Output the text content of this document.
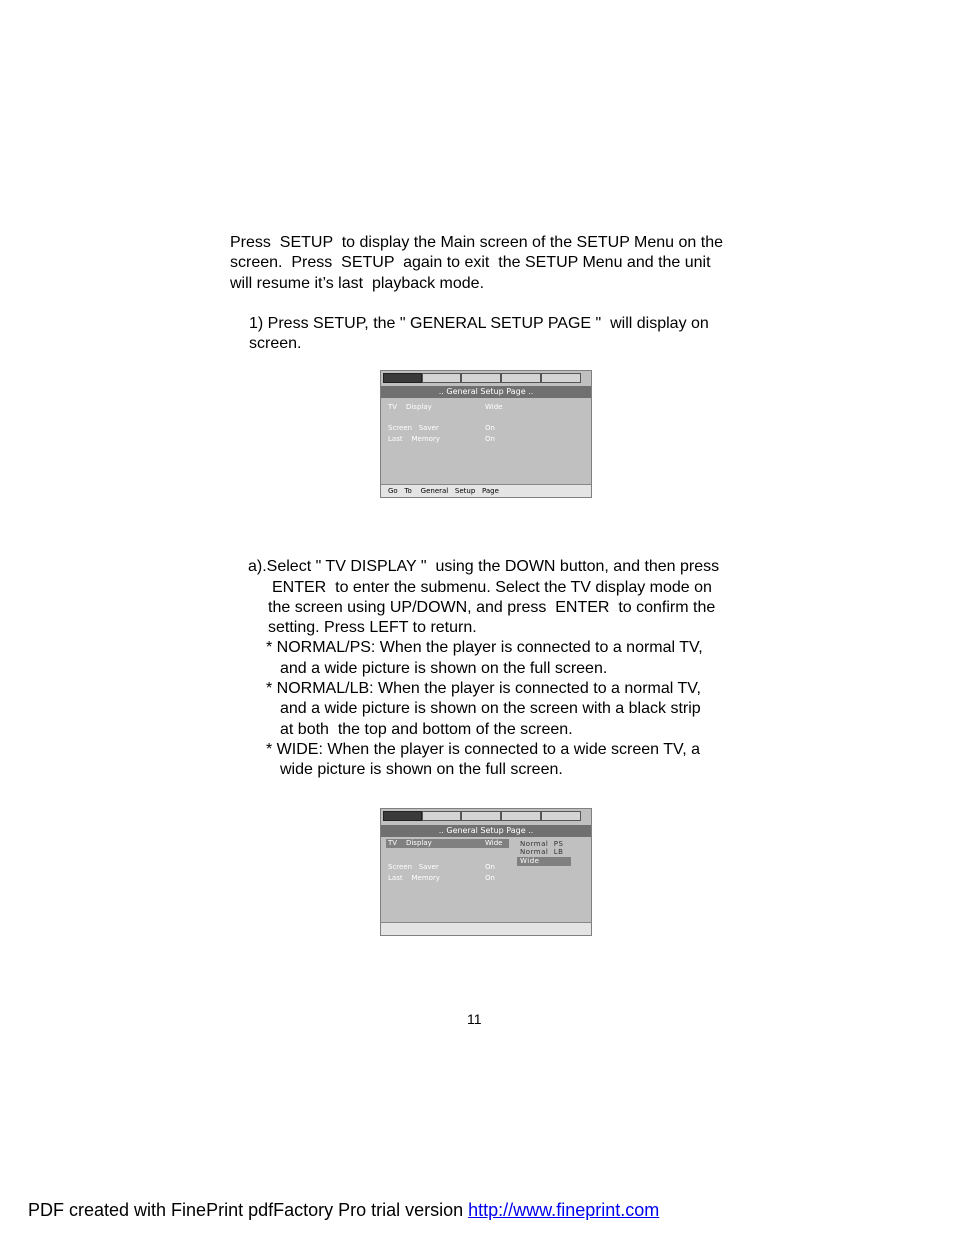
Press  SETUP  to display the Main screen of the SETUP Menu on the
screen.  Press  SETUP  again to exit  the SETUP Menu and the unit
will resume it’s last  playback mode.
1) Press SETUP, the " GENERAL SETUP PAGE "  will display on
screen.
.. General Setup Page ..
TV    Display	Wide
Screen   Saver	On
Last    Memory	On
Go   To    General   Setup   Page
a).Select " TV DISPLAY "  using the DOWN button, and then press
ENTER  to enter the submenu. Select the TV display mode on
the screen using UP/DOWN, and press  ENTER  to confirm the
setting. Press LEFT to return.
* NORMAL/PS: When the player is connected to a normal TV,
and a wide picture is shown on the full screen.
* NORMAL/LB: When the player is connected to a normal TV,
and a wide picture is shown on the screen with a black strip
at both  the top and bottom of the screen.
* WIDE: When the player is connected to a wide screen TV, a
wide picture is shown on the full screen.
.. General Setup Page ..
TV    Display	Wide
Screen   Saver	On
Last    Memory	On
Normal  PS
Normal  LB
Wide
11
PDF created with FinePrint pdfFactory Pro trial version http://www.fineprint.com
